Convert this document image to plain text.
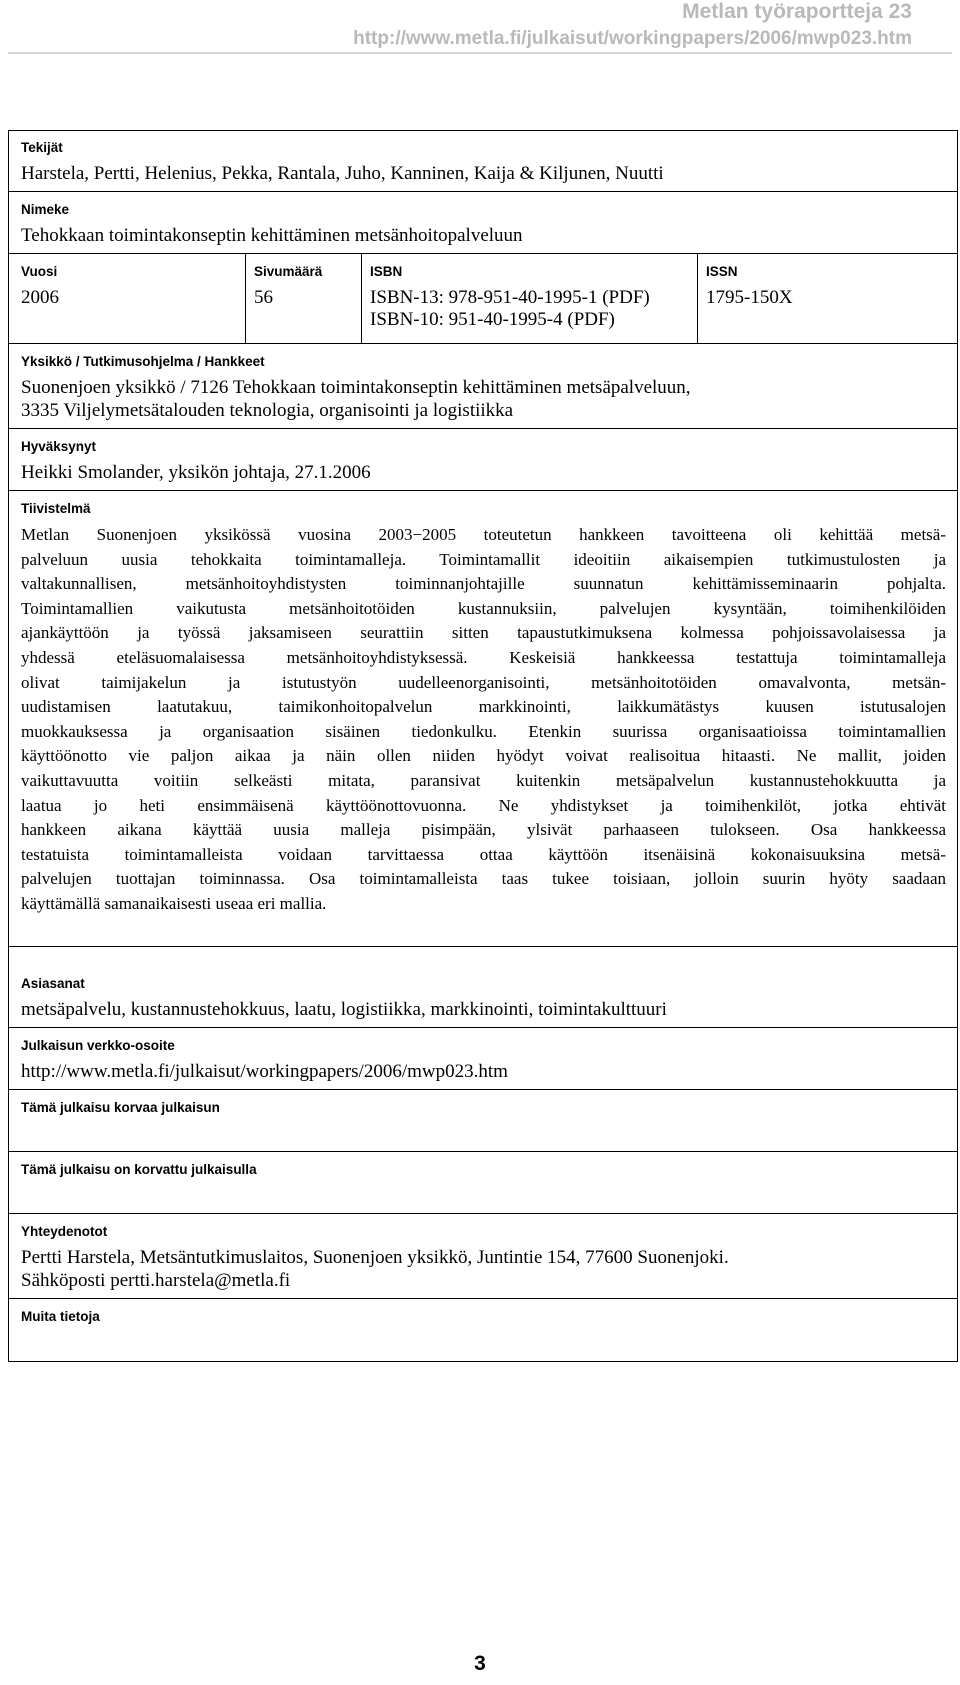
Metlan työraportteja 23
http://www.metla.fi/julkaisut/workingpapers/2006/mwp023.htm
Tekijät
Harstela, Pertti, Helenius, Pekka, Rantala, Juho, Kanninen, Kaija & Kiljunen, Nuutti
Nimeke
Tehokkaan toimintakonseptin kehittäminen metsänhoitopalveluun
Vuosi
2006
Sivumäärä
56
ISBN
ISBN-13: 978-951-40-1995-1 (PDF)
ISBN-10: 951-40-1995-4 (PDF)
ISSN
1795-150X
Yksikkö / Tutkimusohjelma / Hankkeet
Suonenjoen yksikkö / 7126 Tehokkaan toimintakonseptin kehittäminen metsäpalveluun,
3335 Viljelymetsätalouden teknologia, organisointi ja logistiikka
Hyväksynyt
Heikki Smolander, yksikön johtaja, 27.1.2006
Tiivistelmä
Metlan Suonenjoen yksikössä vuosina 2003−2005 toteutetun hankkeen tavoitteena oli kehittää metsä-
palveluun uusia tehokkaita toimintamalleja. Toimintamallit ideoitiin aikaisempien tutkimustulosten ja
valtakunnallisen, metsänhoitoyhdistysten toiminnanjohtajille suunnatun kehittämisseminaarin pohjalta.
Toimintamallien vaikutusta metsänhoitotöiden kustannuksiin, palvelujen kysyntään, toimihenkilöiden
ajankäyttöön ja työssä jaksamiseen seurattiin sitten tapaustutkimuksena kolmessa pohjoissavolaisessa ja
yhdessä eteläsuomalaisessa metsänhoitoyhdistyksessä. Keskeisiä hankkeessa testattuja toimintamalleja
olivat taimijakelun ja istutustyön uudelleenorganisointi, metsänhoitotöiden omavalvonta, metsän-
uudistamisen laatutakuu, taimikonhoitopalvelun markkinointi, laikkumätästys kuusen istutusalojen
muokkauksessa ja organisaation sisäinen tiedonkulku. Etenkin suurissa organisaatioissa toimintamallien
käyttöönotto vie paljon aikaa ja näin ollen niiden hyödyt voivat realisoitua hitaasti. Ne mallit, joiden
vaikuttavuutta voitiin selkeästi mitata, paransivat kuitenkin metsäpalvelun kustannustehokkuutta ja
laatua jo heti ensimmäisenä käyttöönottovuonna. Ne yhdistykset ja toimihenkilöt, jotka ehtivät
hankkeen aikana käyttää uusia malleja pisimpään, ylsivät parhaaseen tulokseen. Osa hankkeessa
testatuista toimintamalleista voidaan tarvittaessa ottaa käyttöön itsenäisinä kokonaisuuksina metsä-
palvelujen tuottajan toiminnassa. Osa toimintamalleista taas tukee toisiaan, jolloin suurin hyöty saadaan
käyttämällä samanaikaisesti useaa eri mallia.
Asiasanat
metsäpalvelu, kustannustehokkuus, laatu, logistiikka, markkinointi, toimintakulttuuri
Julkaisun verkko-osoite
http://www.metla.fi/julkaisut/workingpapers/2006/mwp023.htm
Tämä julkaisu korvaa julkaisun
Tämä julkaisu on korvattu julkaisulla
Yhteydenotot
Pertti Harstela, Metsäntutkimuslaitos, Suonenjoen yksikkö, Juntintie 154, 77600 Suonenjoki.
Sähköposti pertti.harstela@metla.fi
Muita tietoja
3
